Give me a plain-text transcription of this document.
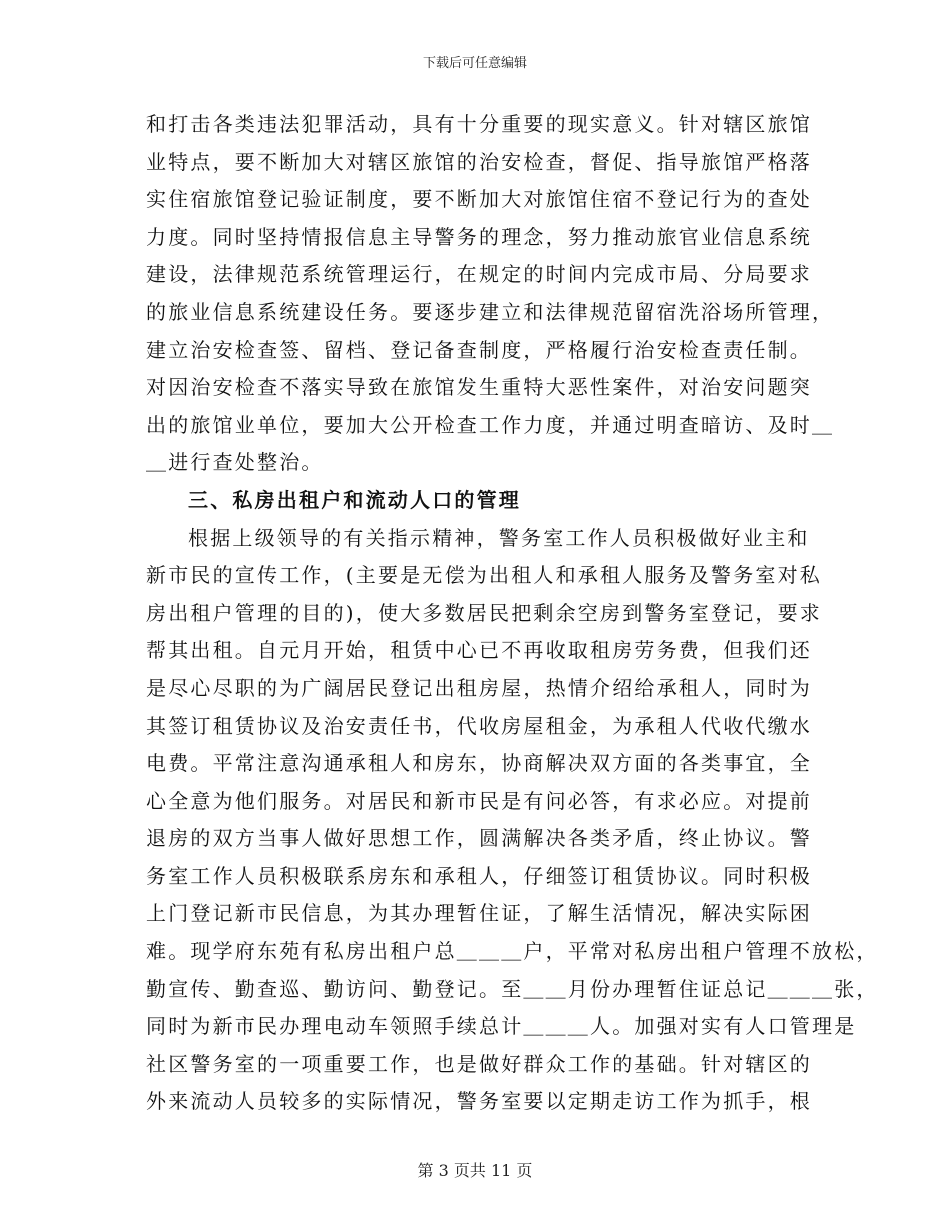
下载后可任意编辑
和打击各类违法犯罪活动，具有十分重要的现实意义。针对辖区旅馆
业特点，要不断加大对辖区旅馆的治安检查，督促、指导旅馆严格落
实住宿旅馆登记验证制度，要不断加大对旅馆住宿不登记行为的查处
力度。同时坚持情报信息主导警务的理念，努力推动旅官业信息系统
建设，法律规范系统管理运行，在规定的时间内完成市局、分局要求
的旅业信息系统建设任务。要逐步建立和法律规范留宿洗浴场所管理，
建立治安检查签、留档、登记备查制度，严格履行治安检查责任制。
对因治安检查不落实导致在旅馆发生重特大恶性案件，对治安问题突
出的旅馆业单位，要加大公开检查工作力度，并通过明查暗访、及时＿
＿进行查处整治。
三、私房出租户和流动人口的管理
根据上级领导的有关指示精神，警务室工作人员积极做好业主和
新市民的宣传工作，(主要是无偿为出租人和承租人服务及警务室对私
房出租户管理的目的)，使大多数居民把剩余空房到警务室登记，要求
帮其出租。自元月开始，租赁中心已不再收取租房劳务费，但我们还
是尽心尽职的为广阔居民登记出租房屋，热情介绍给承租人，同时为
其签订租赁协议及治安责任书，代收房屋租金，为承租人代收代缴水
电费。平常注意沟通承租人和房东，协商解决双方面的各类事宜，全
心全意为他们服务。对居民和新市民是有问必答，有求必应。对提前
退房的双方当事人做好思想工作，圆满解决各类矛盾，终止协议。警
务室工作人员积极联系房东和承租人，仔细签订租赁协议。同时积极
上门登记新市民信息，为其办理暂住证，了解生活情况，解决实际困
难。现学府东苑有私房出租户总＿＿＿户，平常对私房出租户管理不放松，
勤宣传、勤查巡、勤访问、勤登记。至＿＿月份办理暂住证总记＿＿＿张，
同时为新市民办理电动车领照手续总计＿＿＿人。加强对实有人口管理是
社区警务室的一项重要工作，也是做好群众工作的基础。针对辖区的
外来流动人员较多的实际情况，警务室要以定期走访工作为抓手，根
第 3 页共 11 页
